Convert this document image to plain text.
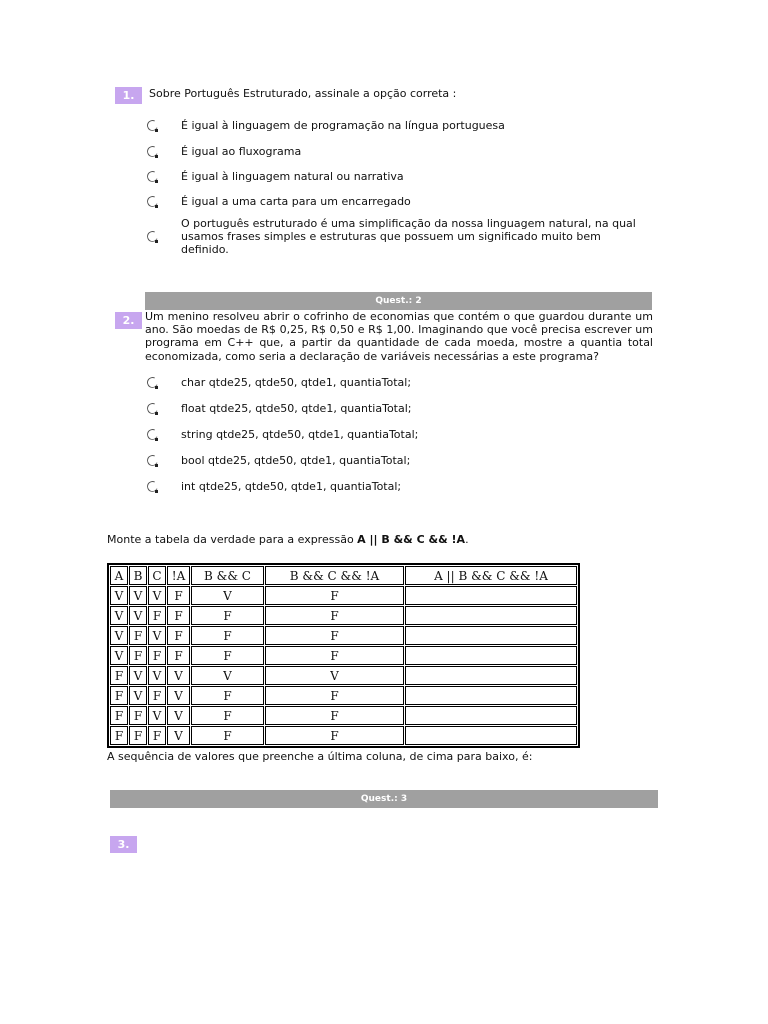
1.	Sobre Português Estruturado, assinale a opção correta :
É igual à linguagem de programação na língua portuguesa
É igual ao fluxograma
É igual à linguagem natural ou narrativa
É igual a uma carta para um encarregado
O português estruturado é uma simplificação da nossa linguagem natural, na qual usamos frases simples e estruturas que possuem um significado muito bem definido.
Quest.: 2
2. Um menino resolveu abrir o cofrinho de economias que contém o que guardou durante um ano. São moedas de R$ 0,25, R$ 0,50 e R$ 1,00. Imaginando que você precisa escrever um programa em C++ que, a partir da quantidade de cada moeda, mostre a quantia total economizada, como seria a declaração de variáveis necessárias a este programa?
char qtde25, qtde50, qtde1, quantiaTotal;
float qtde25, qtde50, qtde1, quantiaTotal;
string qtde25, qtde50, qtde1, quantiaTotal;
bool qtde25, qtde50, qtde1, quantiaTotal;
int qtde25, qtde50, qtde1, quantiaTotal;
Monte a tabela da verdade para a expressão A || B && C && !A.
A	B	C	!A	B && C	B && C && !A	A || B && C && !A
V	V	V	F	V	F	
V	V	F	F	F	F	
V	F	V	F	F	F	
V	F	F	F	F	F	
F	V	V	V	V	V	
F	V	F	V	F	F	
F	F	V	V	F	F	
F	F	F	V	F	F	
A sequência de valores que preenche a última coluna, de cima para baixo, é:
Quest.: 3
3.
